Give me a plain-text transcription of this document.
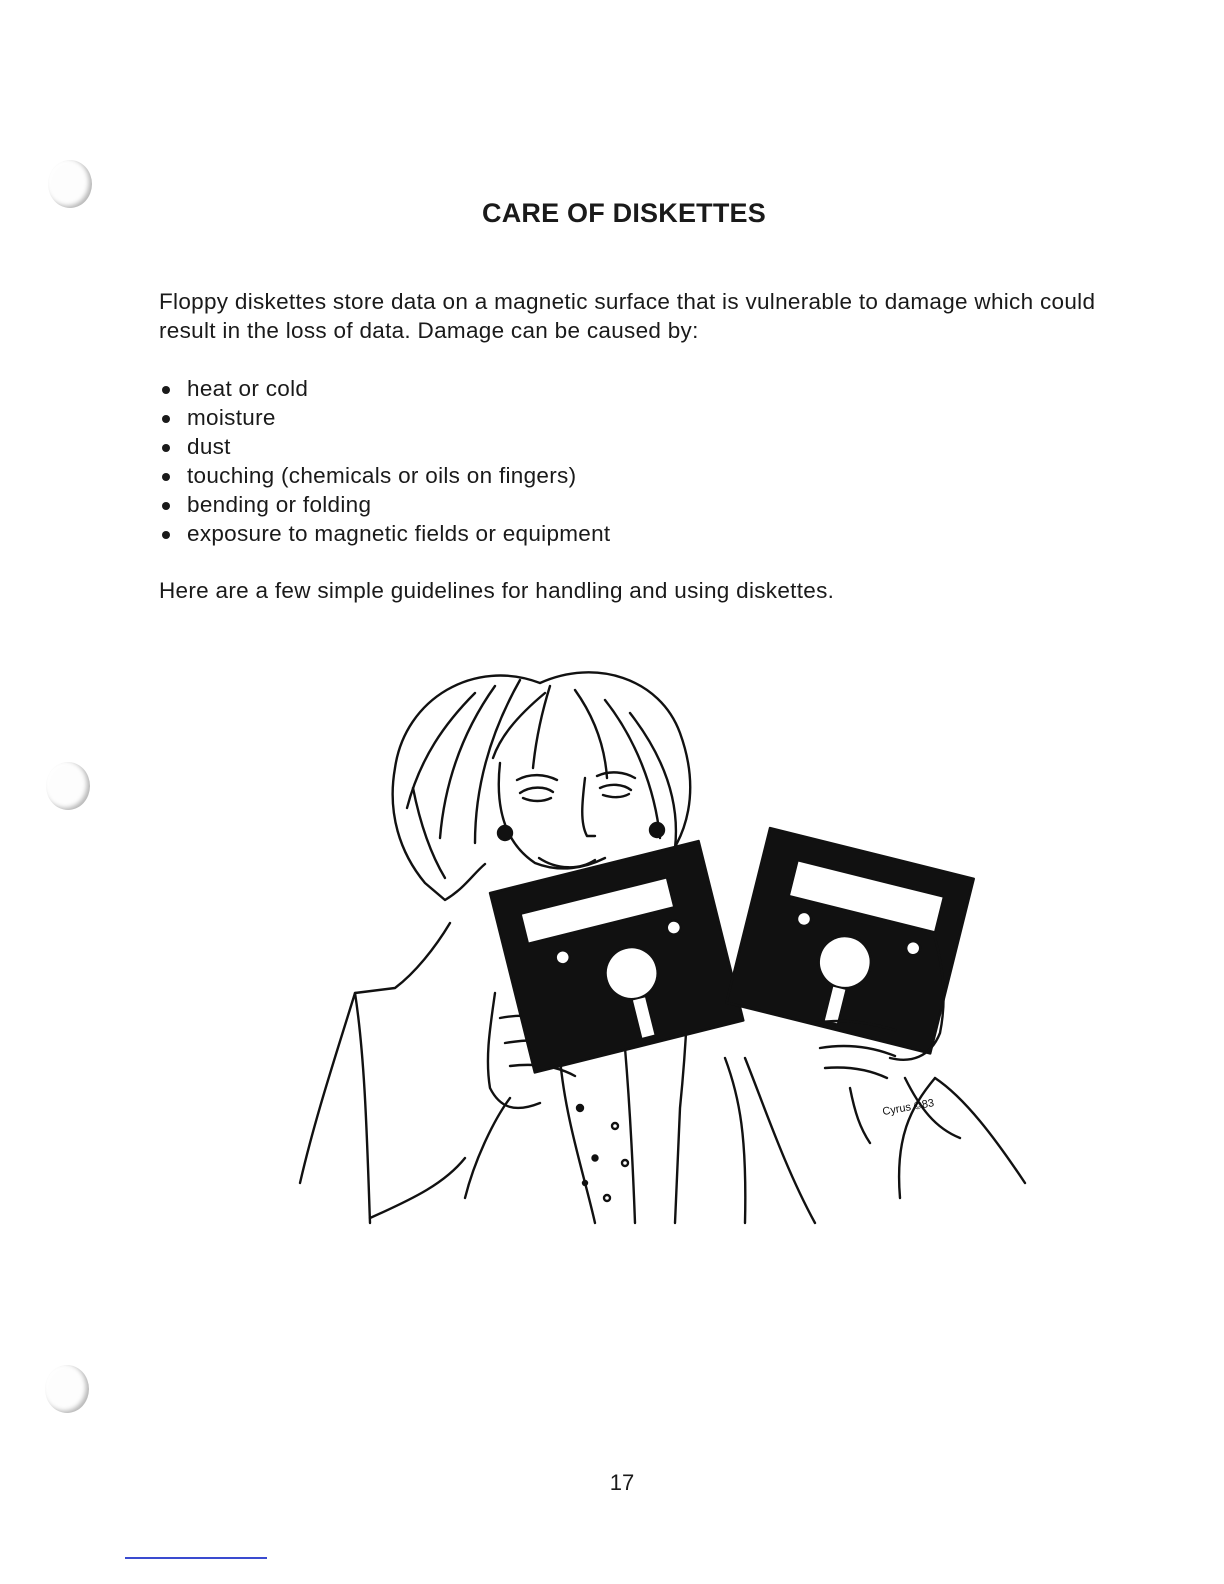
CARE OF DISKETTES

Floppy diskettes store data on a magnetic surface that is vulnerable to damage which could result in the loss of data. Damage can be caused by:

heat or cold
moisture
dust
touching (chemicals or oils on fingers)
bending or folding
exposure to magnetic fields or equipment

Here are a few simple guidelines for handling and using diskettes.

Cyrus ©83
17
